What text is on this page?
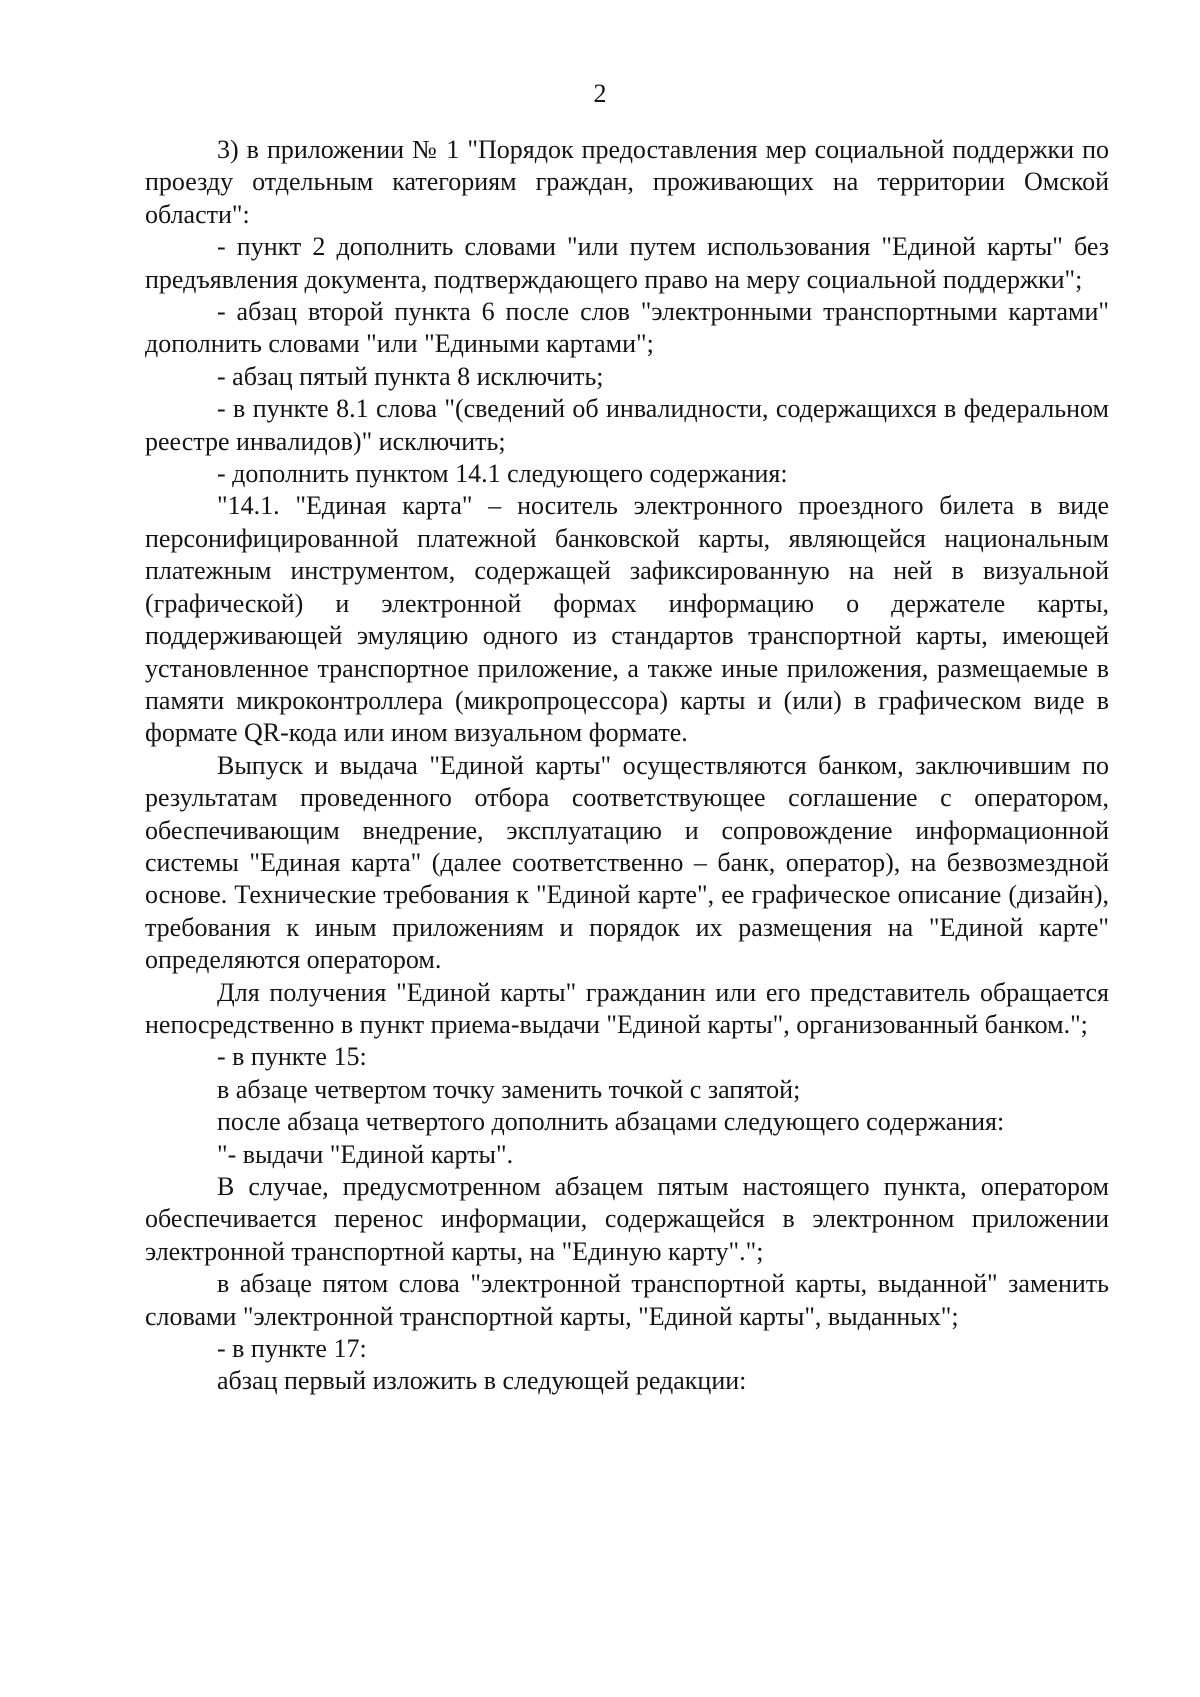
2

3) в приложении № 1 "Порядок предоставления мер социальной поддержки по проезду отдельным категориям граждан, проживающих на территории Омской области":

- пункт 2 дополнить словами "или путем использования "Единой карты" без предъявления документа, подтверждающего право на меру социальной поддержки";

- абзац второй пункта 6 после слов "электронными транспортными картами" дополнить словами "или "Едиными картами";

- абзац пятый пункта 8 исключить;

- в пункте 8.1 слова "(сведений об инвалидности, содержащихся в федеральном реестре инвалидов)" исключить;

- дополнить пунктом 14.1 следующего содержания:

"14.1. "Единая карта" – носитель электронного проездного билета в виде персонифицированной платежной банковской карты, являющейся национальным платежным инструментом, содержащей зафиксированную на ней в визуальной (графической) и электронной формах информацию о держателе карты, поддерживающей эмуляцию одного из стандартов транспортной карты, имеющей установленное транспортное приложение, а также иные приложения, размещаемые в памяти микроконтроллера (микропроцессора) карты и (или) в графическом виде в формате QR-кода или ином визуальном формате.

Выпуск и выдача "Единой карты" осуществляются банком, заключившим по результатам проведенного отбора соответствующее соглашение с оператором, обеспечивающим внедрение, эксплуатацию и сопровождение информационной системы "Единая карта" (далее соответственно – банк, оператор), на безвозмездной основе. Технические требования к "Единой карте", ее графическое описание (дизайн), требования к иным приложениям и порядок их размещения на "Единой карте" определяются оператором.

Для получения "Единой карты" гражданин или его представитель обращается непосредственно в пункт приема-выдачи "Единой карты", организованный банком.";

- в пункте 15:

в абзаце четвертом точку заменить точкой с запятой;

после абзаца четвертого дополнить абзацами следующего содержания:

"- выдачи "Единой карты".

В случае, предусмотренном абзацем пятым настоящего пункта, оператором обеспечивается перенос информации, содержащейся в электронном приложении электронной транспортной карты, на "Единую карту".";

в абзаце пятом слова "электронной транспортной карты, выданной" заменить словами "электронной транспортной карты, "Единой карты", выданных";

- в пункте 17:

абзац первый изложить в следующей редакции:
